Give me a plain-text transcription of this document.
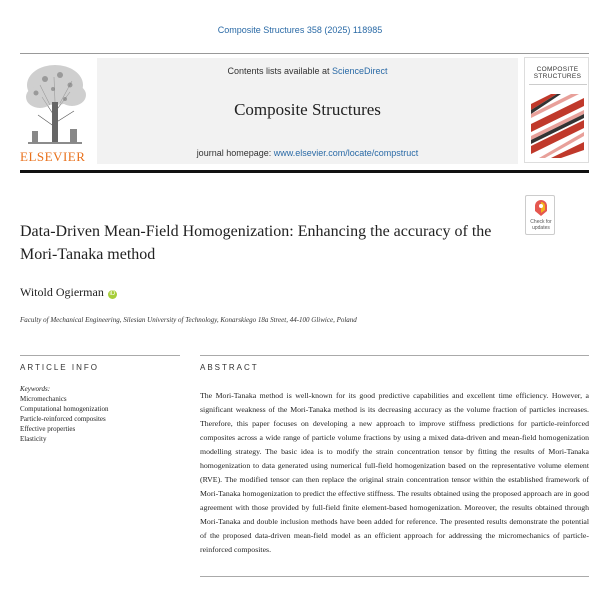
Composite Structures 358 (2025) 118985
ELSEVIER
Contents lists available at ScienceDirect
Composite Structures
journal homepage: www.elsevier.com/locate/compstruct
COMPOSITE
STRUCTURES
Data-Driven Mean-Field Homogenization: Enhancing the accuracy of the Mori-Tanaka method
Check for
updates
Witold Ogierman iD
Faculty of Mechanical Engineering, Silesian University of Technology, Konarskiego 18a Street, 44-100 Gliwice, Poland
ARTICLE INFO	ABSTRACT
Keywords:
Micromechanics
Computational homogenization
Particle-reinforced composites
Effective properties
Elasticity
The Mori-Tanaka method is well-known for its good predictive capabilities and excellent time efficiency. However, a significant weakness of the Mori-Tanaka method is its decreasing accuracy as the volume fraction of particles increases. Therefore, this paper focuses on developing a new approach to improve stiffness predictions for particle-reinforced composites across a wide range of particle volume fractions by using a mixed data-driven and mean-field homogenization modelling strategy. The basic idea is to modify the strain concentration tensor by fitting the results of Mori-Tanaka homogenization to data generated using numerical full-field homogenization based on the representative volume element (RVE). The modified tensor can then replace the original strain concentration tensor within the established framework of Mori-Tanaka homogenization to predict the effective stiffness. The results obtained using the proposed approach are in good agreement with those provided by full-field finite element-based homogenization. Moreover, the results obtained through Mori-Tanaka and double inclusion methods have been added for reference. The presented results demonstrate the potential of the proposed data-driven mean-field model as an efficient approach for addressing the micromechanics of particle-reinforced composites.
